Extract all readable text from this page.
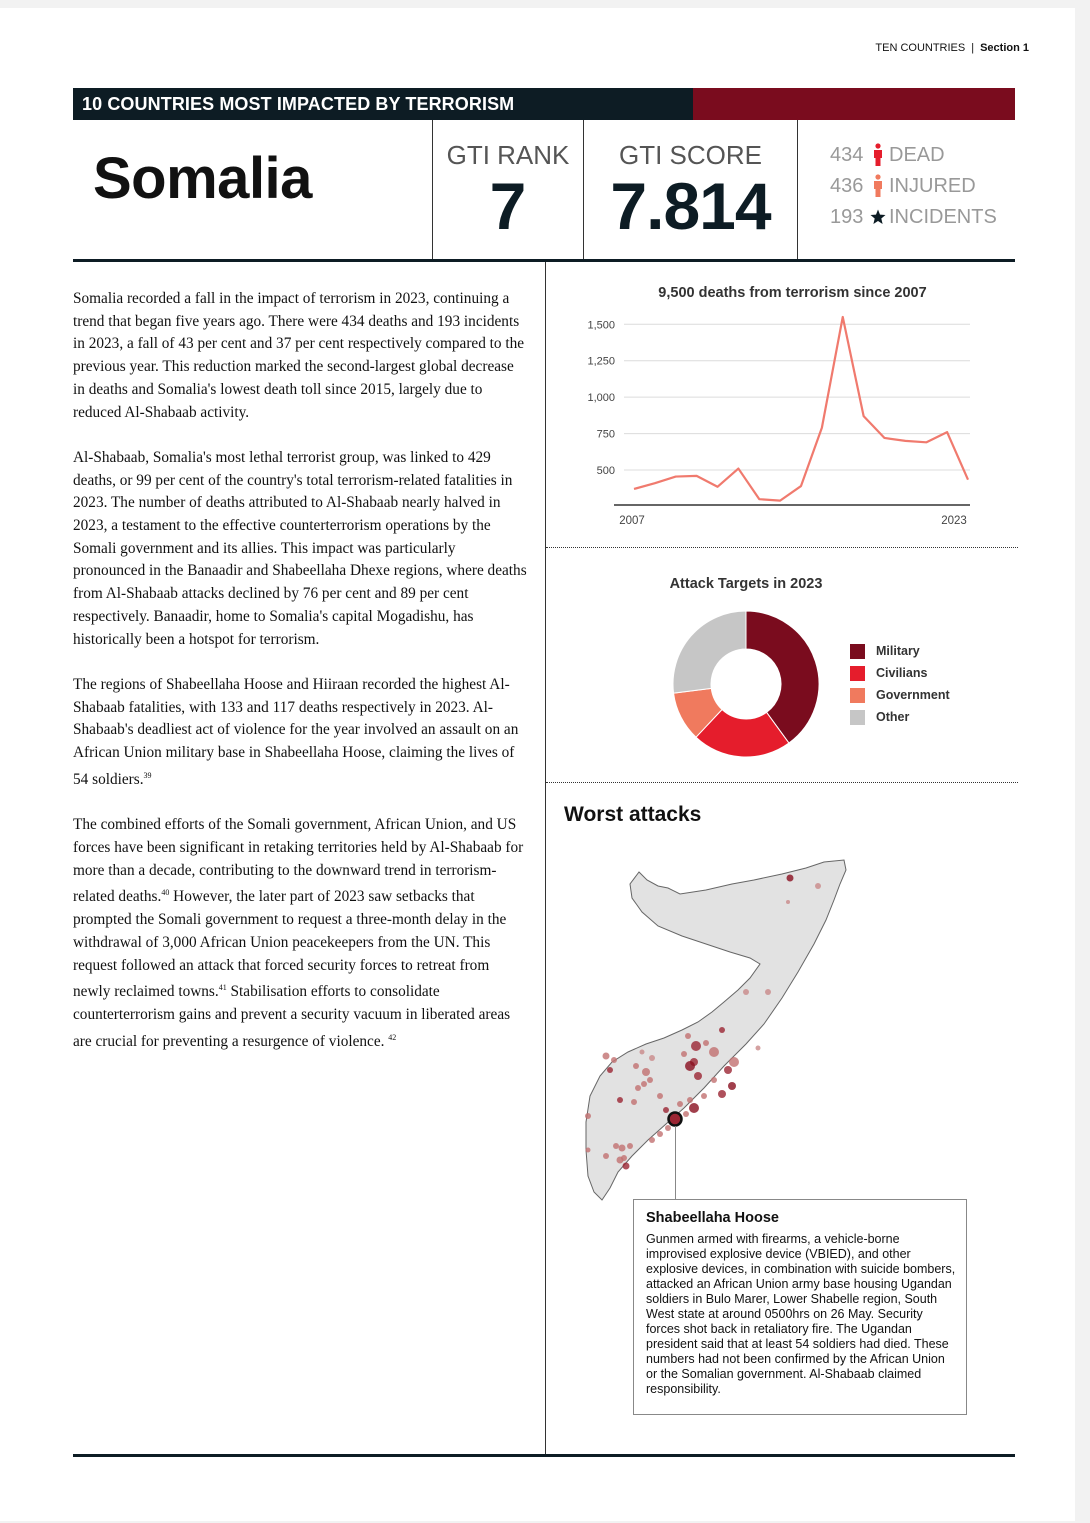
TEN COUNTRIES | Section 1
10 COUNTRIES MOST IMPACTED BY TERRORISM
Somalia	GTI RANK
7
GTI SCORE
7.814
434 DEAD
436 INJURED
193 INCIDENTS

Somalia recorded a fall in the impact of terrorism in 2023, continuing a trend that began five years ago. There were 434 deaths and 193 incidents in 2023, a fall of 43 per cent and 37 per cent respectively compared to the previous year. This reduction marked the second-largest global decrease in deaths and Somalia's lowest death toll since 2015, largely due to reduced Al-Shabaab activity.

Al-Shabaab, Somalia's most lethal terrorist group, was linked to 429 deaths, or 99 per cent of the country's total terrorism-related fatalities in 2023. The number of deaths attributed to Al-Shabaab nearly halved in 2023, a testament to the effective counterterrorism operations by the Somali government and its allies. This impact was particularly pronounced in the Banaadir and Shabeellaha Dhexe regions, where deaths from Al-Shabaab attacks declined by 76 per cent and 89 per cent respectively. Banaadir, home to Somalia's capital Mogadishu, has historically been a hotspot for terrorism.

The regions of Shabeellaha Hoose and Hiiraan recorded the highest Al-Shabaab fatalities, with 133 and 117 deaths respectively in 2023. Al-Shabaab's deadliest act of violence for the year involved an assault on an African Union military base in Shabeellaha Hoose, claiming the lives of 54 soldiers.$^{39}$

The combined efforts of the Somali government, African Union, and US forces have been significant in retaking territories held by Al-Shabaab for more than a decade, contributing to the downward trend in terrorism-related deaths.$^{40}$ However, the later part of 2023 saw setbacks that prompted the Somali government to request a three-month delay in the withdrawal of 3,000 African Union peacekeepers from the UN. This request followed an attack that forced security forces to retreat from newly reclaimed towns.$^{41}$ Stabilisation efforts to consolidate counterterrorism gains and prevent a security vacuum in liberated areas are crucial for preventing a resurgence of violence. $^{42}$

9,500 deaths from terrorism since 2007
500
750
1,000
1,250
1,500
2007	2023
Attack Targets in 2023
Military
Civilians
Government
Other
Worst attacks
Shabeellaha Hoose
Gunmen armed with firearms, a vehicle-borne improvised explosive device (VBIED), and other explosive devices, in combination with suicide bombers, attacked an African Union army base housing Ugandan soldiers in Bulo Marer, Lower Shabelle region, South West state at around 0500hrs on 26 May. Security forces shot back in retaliatory fire. The Ugandan president said that at least 54 soldiers had died. These numbers had not been confirmed by the African Union or the Somalian government. Al-Shabaab claimed responsibility.
